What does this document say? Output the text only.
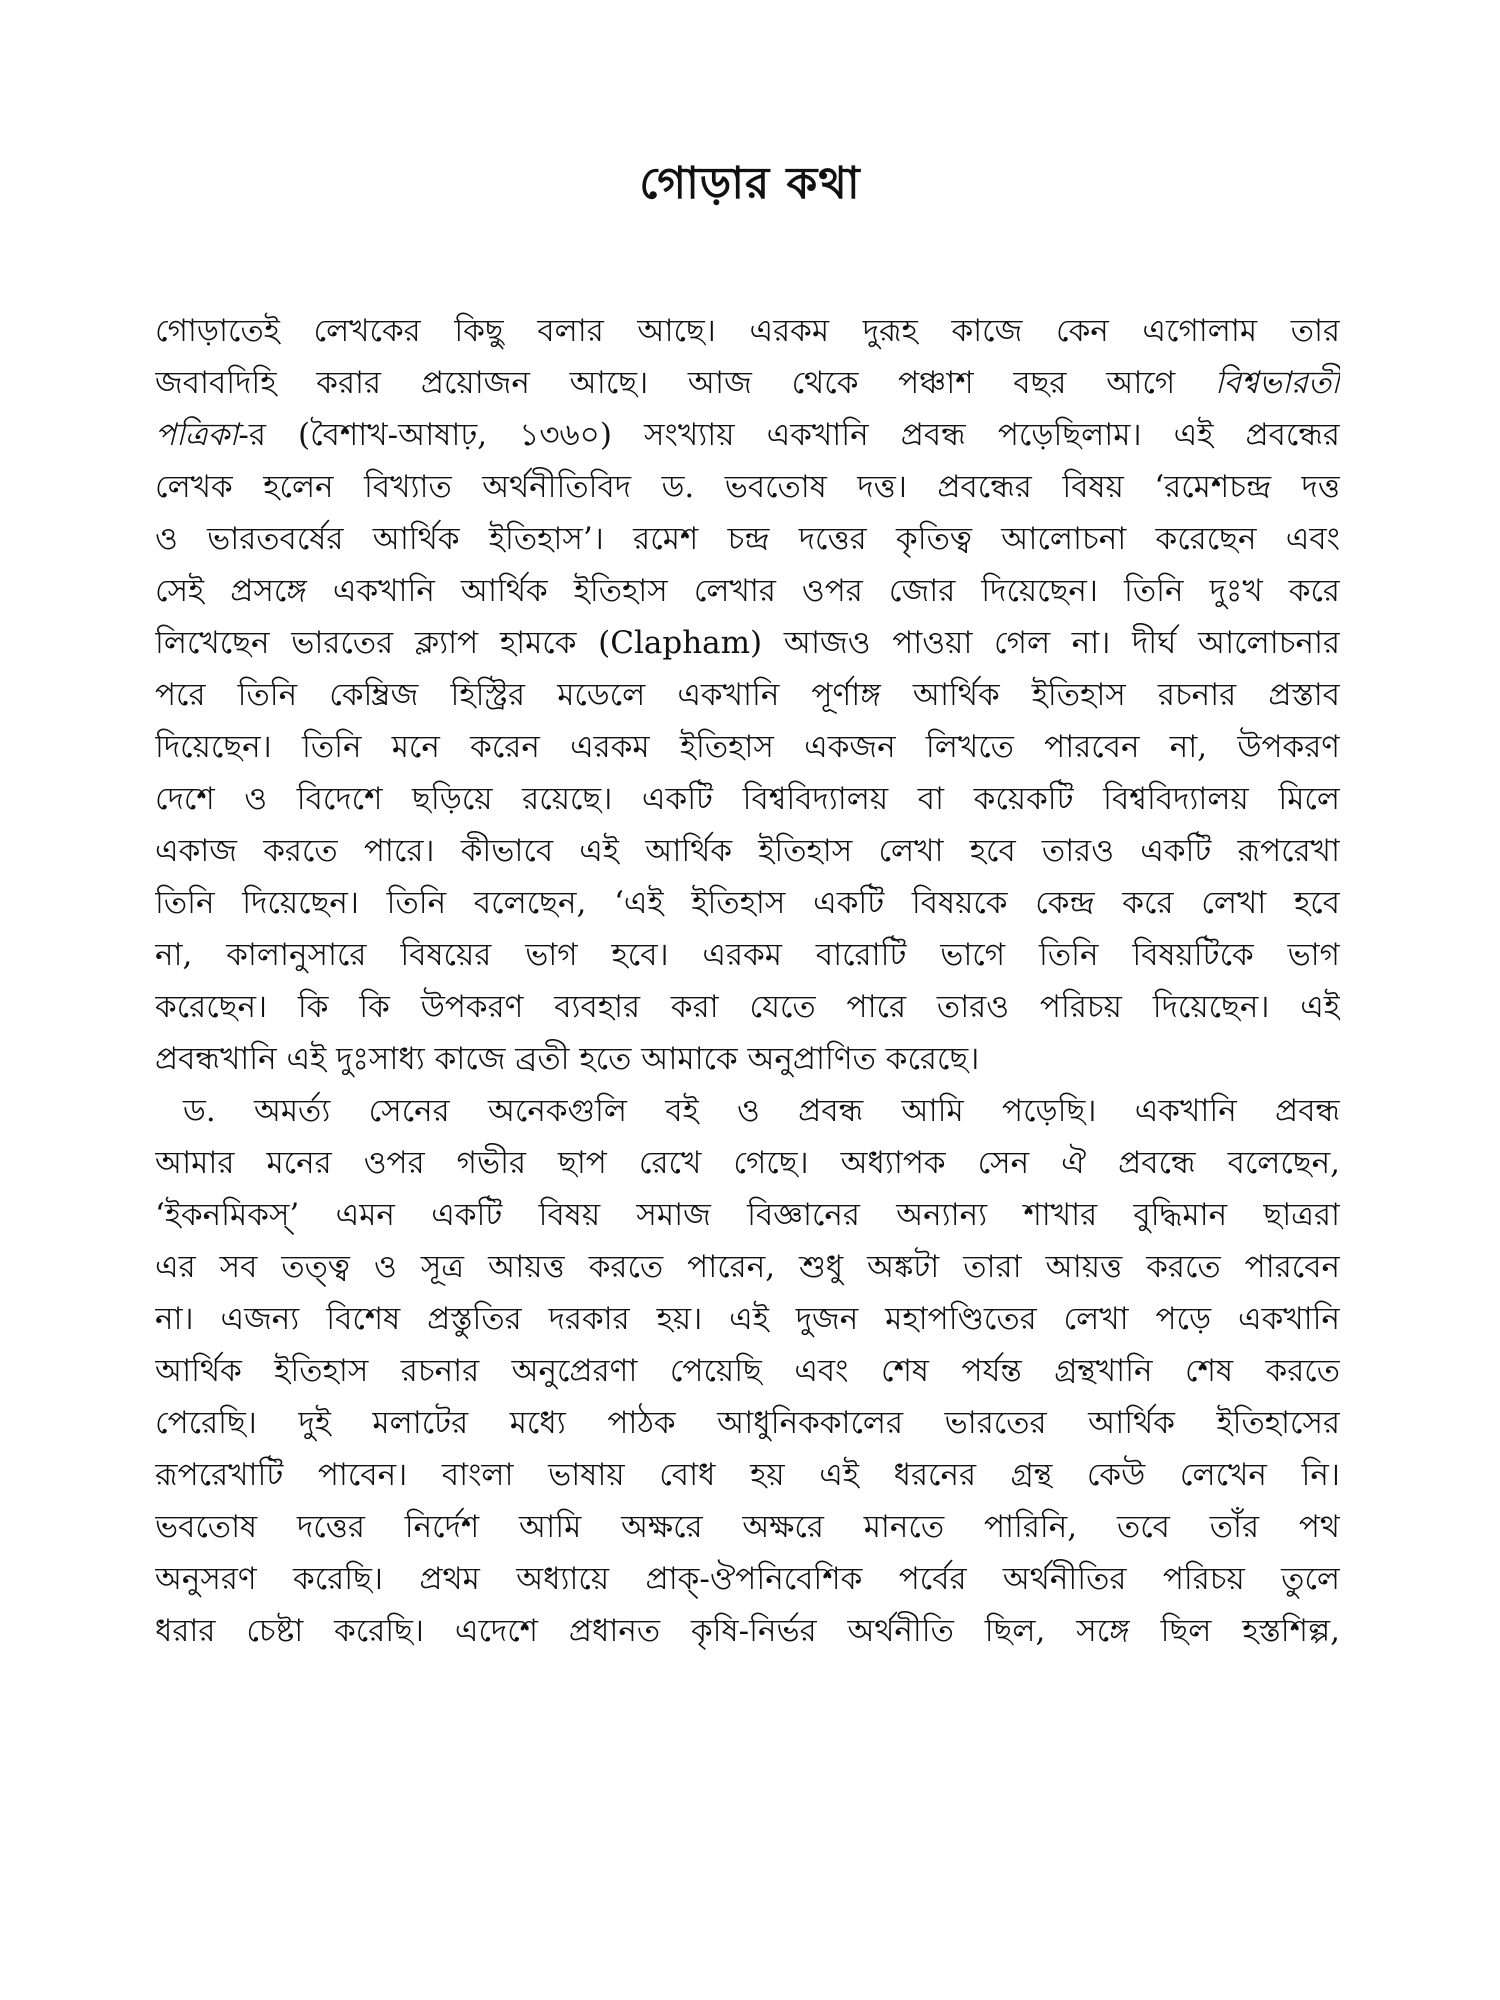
গোড়ার কথা
গোড়াতেই লেখকের কিছু বলার আছে। এরকম দুরূহ কাজে কেন এগোলাম তার
জবাবদিহি করার প্রয়োজন আছে। আজ থেকে পঞ্চাশ বছর আগে বিশ্বভারতী
পত্রিকা-র (বৈশাখ-আষাঢ়, ১৩৬০) সংখ্যায় একখানি প্রবন্ধ পড়েছিলাম। এই প্রবন্ধের
লেখক হলেন বিখ্যাত অর্থনীতিবিদ ড. ভবতোষ দত্ত। প্রবন্ধের বিষয় ‘রমেশচন্দ্র দত্ত
ও ভারতবর্ষের আর্থিক ইতিহাস’। রমেশ চন্দ্র দত্তের কৃতিত্ব আলোচনা করেছেন এবং
সেই প্রসঙ্গে একখানি আর্থিক ইতিহাস লেখার ওপর জোর দিয়েছেন। তিনি দুঃখ করে
লিখেছেন ভারতের ক্ল্যাপ হামকে (Clapham) আজও পাওয়া গেল না। দীর্ঘ আলোচনার
পরে তিনি কেম্ব্রিজ হিস্ট্রির মডেলে একখানি পূর্ণাঙ্গ আর্থিক ইতিহাস রচনার প্রস্তাব
দিয়েছেন। তিনি মনে করেন এরকম ইতিহাস একজন লিখতে পারবেন না, উপকরণ
দেশে ও বিদেশে ছড়িয়ে রয়েছে। একটি বিশ্ববিদ্যালয় বা কয়েকটি বিশ্ববিদ্যালয় মিলে
একাজ করতে পারে। কীভাবে এই আর্থিক ইতিহাস লেখা হবে তারও একটি রূপরেখা
তিনি দিয়েছেন। তিনি বলেছেন, ‘এই ইতিহাস একটি বিষয়কে কেন্দ্র করে লেখা হবে
না, কালানুসারে বিষয়ের ভাগ হবে। এরকম বারোটি ভাগে তিনি বিষয়টিকে ভাগ
করেছেন। কি কি উপকরণ ব্যবহার করা যেতে পারে তারও পরিচয় দিয়েছেন। এই
প্রবন্ধখানি এই দুঃসাধ্য কাজে ব্রতী হতে আমাকে অনুপ্রাণিত করেছে।
ড. অমর্ত্য সেনের অনেকগুলি বই ও প্রবন্ধ আমি পড়েছি। একখানি প্রবন্ধ
আমার মনের ওপর গভীর ছাপ রেখে গেছে। অধ্যাপক সেন ঐ প্রবন্ধে বলেছেন,
‘ইকনমিকস্’ এমন একটি বিষয় সমাজ বিজ্ঞানের অন্যান্য শাখার বুদ্ধিমান ছাত্ররা
এর সব তত্ত্ব ও সূত্র আয়ত্ত করতে পারেন, শুধু অঙ্কটা তারা আয়ত্ত করতে পারবেন
না। এজন্য বিশেষ প্রস্তুতির দরকার হয়। এই দুজন মহাপণ্ডিতের লেখা পড়ে একখানি
আর্থিক ইতিহাস রচনার অনুপ্রেরণা পেয়েছি এবং শেষ পর্যন্ত গ্রন্থখানি শেষ করতে
পেরেছি। দুই মলাটের মধ্যে পাঠক আধুনিককালের ভারতের আর্থিক ইতিহাসের
রূপরেখাটি পাবেন। বাংলা ভাষায় বোধ হয় এই ধরনের গ্রন্থ কেউ লেখেন নি।
ভবতোষ দত্তের নির্দেশ আমি অক্ষরে অক্ষরে মানতে পারিনি, তবে তাঁর পথ
অনুসরণ করেছি। প্রথম অধ্যায়ে প্রাক্-ঔপনিবেশিক পর্বের অর্থনীতির পরিচয় তুলে
ধরার চেষ্টা করেছি। এদেশে প্রধানত কৃষি-নির্ভর অর্থনীতি ছিল, সঙ্গে ছিল হস্তশিল্প,
